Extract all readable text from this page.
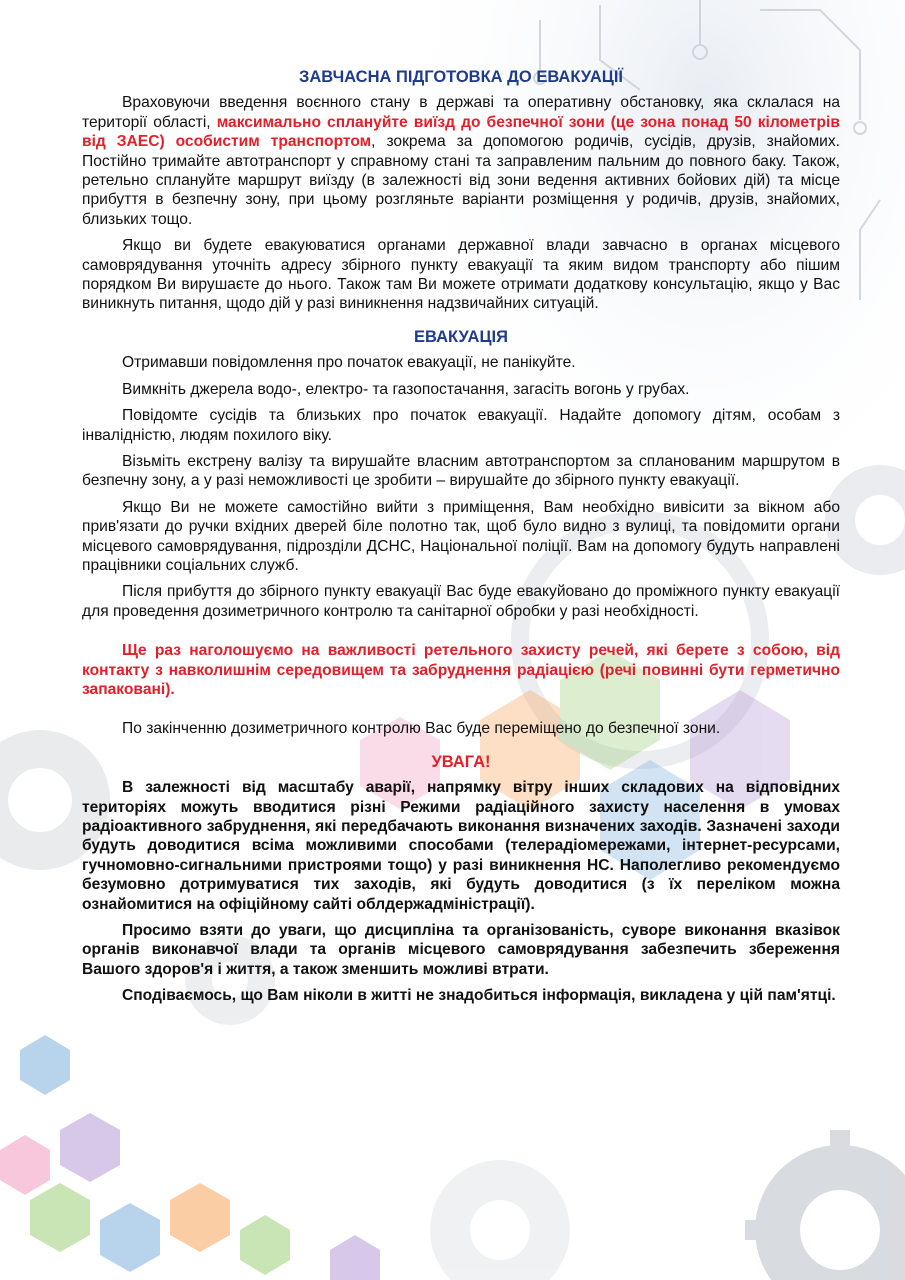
ЗАВЧАСНА ПІДГОТОВКА ДО ЕВАКУАЦІЇ

Враховуючи введення воєнного стану в державі та оперативну обстановку, яка склалася на території області, максимально сплануйте виїзд до безпечної зони (це зона понад 50 кілометрів від ЗАЕС) особистим транспортом, зокрема за допомогою родичів, сусідів, друзів, знайомих. Постійно тримайте автотранспорт у справному стані та заправленим пальним до повного баку. Також, ретельно сплануйте маршрут виїзду (в залежності від зони ведення активних бойових дій) та місце прибуття в безпечну зону, при цьому розгляньте варіанти розміщення у родичів, друзів, знайомих, близьких тощо.

Якщо ви будете евакуюватися органами державної влади завчасно в органах місцевого самоврядування уточніть адресу збірного пункту евакуації та яким видом транспорту або пішим порядком Ви вирушаєте до нього. Також там Ви можете отримати додаткову консультацію, якщо у Вас виникнуть питання, щодо дій у разі виникнення надзвичайних ситуацій.

ЕВАКУАЦІЯ

Отримавши повідомлення про початок евакуації, не панікуйте.

Вимкніть джерела водо-, електро- та газопостачання, загасіть вогонь у грубах.

Повідомте сусідів та близьких про початок евакуації. Надайте допомогу дітям, особам з інвалідністю, людям похилого віку.

Візьміть екстрену валізу та вирушайте власним автотранспортом за спланованим маршрутом в безпечну зону, а у разі неможливості це зробити – вирушайте до збірного пункту евакуації.

Якщо Ви не можете самостійно вийти з приміщення, Вам необхідно вивісити за вікном або прив'язати до ручки вхідних дверей біле полотно так, щоб було видно з вулиці, та повідомити органи місцевого самоврядування, підрозділи ДСНС, Національної поліції. Вам на допомогу будуть направлені працівники соціальних служб.

Після прибуття до збірного пункту евакуації Вас буде евакуйовано до проміжного пункту евакуації для проведення дозиметричного контролю та санітарної обробки у разі необхідності.

Ще раз наголошуємо на важливості ретельного захисту речей, які берете з собою, від контакту з навколишнім середовищем та забруднення радіацією (речі повинні бути герметично запаковані).

По закінченню дозиметричного контролю Вас буде переміщено до безпечної зони.

УВАГА!

В залежності від масштабу аварії, напрямку вітру інших складових на відповідних територіях можуть вводитися різні Режими радіаційного захисту населення в умовах радіоактивного забруднення, які передбачають виконання визначених заходів. Зазначені заходи будуть доводитися всіма можливими способами (телерадіомережами, інтернет-ресурсами, гучномовно-сигнальними пристроями тощо) у разі виникнення НС. Наполегливо рекомендуємо безумовно дотримуватися тих заходів, які будуть доводитися (з їх переліком можна ознайомитися на офіційному сайті облдержадміністрації).

Просимо взяти до уваги, що дисципліна та організованість, суворе виконання вказівок органів виконавчої влади та органів місцевого самоврядування забезпечить збереження Вашого здоров'я і життя, а також зменшить можливі втрати.

Сподіваємось, що Вам ніколи в житті не знадобиться інформація, викладена у цій пам'ятці.
